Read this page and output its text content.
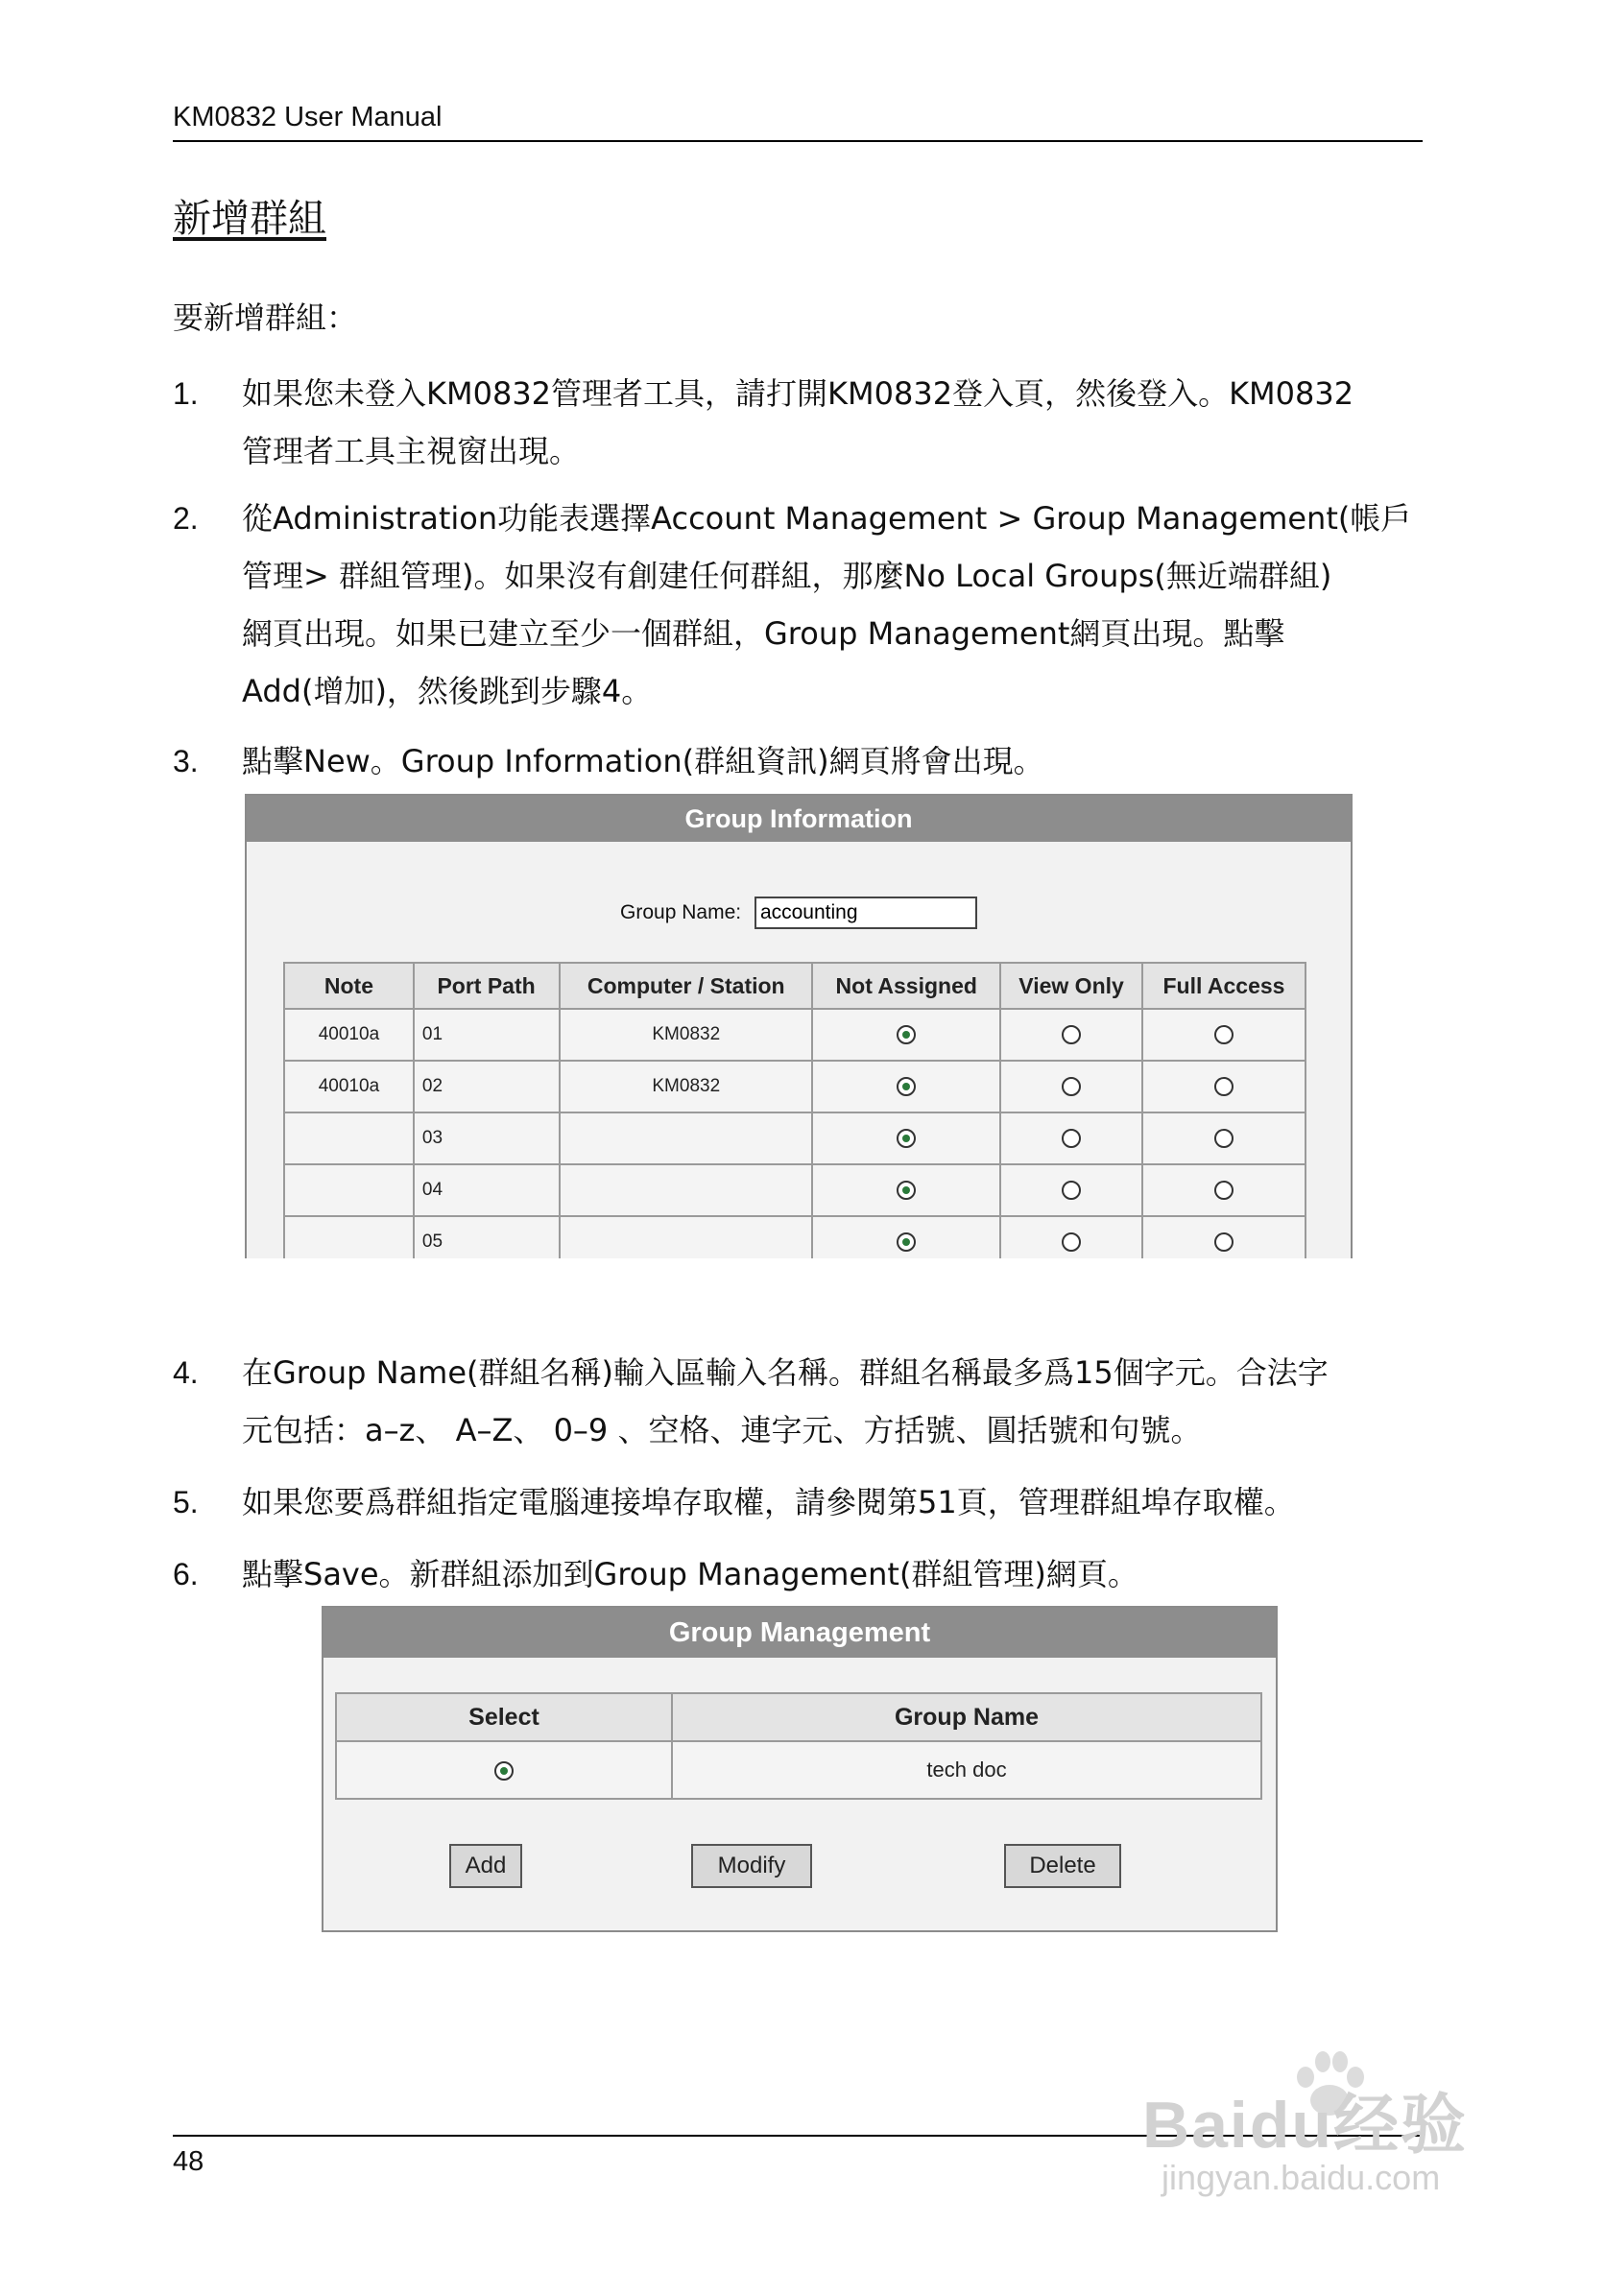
KM0832 User Manual
新增群組
要新增群組：
1.	如果您未登入KM0832管理者工具，請打開KM0832登入頁，然後登入。KM0832
管理者工具主視窗出現。
2.	從Administration功能表選擇Account Management > Group Management(帳戶
管理> 群組管理)。如果沒有創建任何群組，那麼No Local Groups(無近端群組)
網頁出現。如果已建立至少一個群組，Group Management網頁出現。點擊
Add(增加)，然後跳到步驟4。
3.	點擊New。Group Information(群組資訊)網頁將會出現。
Group Information
Group Name: accounting
Note	Port Path	Computer / Station	Not Assigned	View Only	Full Access
40010a	01	KM0832			
40010a	02	KM0832			
	03				
	04				
	05				
4.	在Group Name(群組名稱)輸入區輸入名稱。群組名稱最多爲15個字元。合法字
元包括：a–z、 A–Z、 0–9 、空格、連字元、方括號、圓括號和句號。
5.	如果您要爲群組指定電腦連接埠存取權，請參閱第51頁，管理群組埠存取權。
6.	點擊Save。新群組添加到Group Management(群組管理)網頁。
Group Management
Select	Group Name
	tech doc
Add	Modify	Delete
48	Baidu经验
jingyan.baidu.com
